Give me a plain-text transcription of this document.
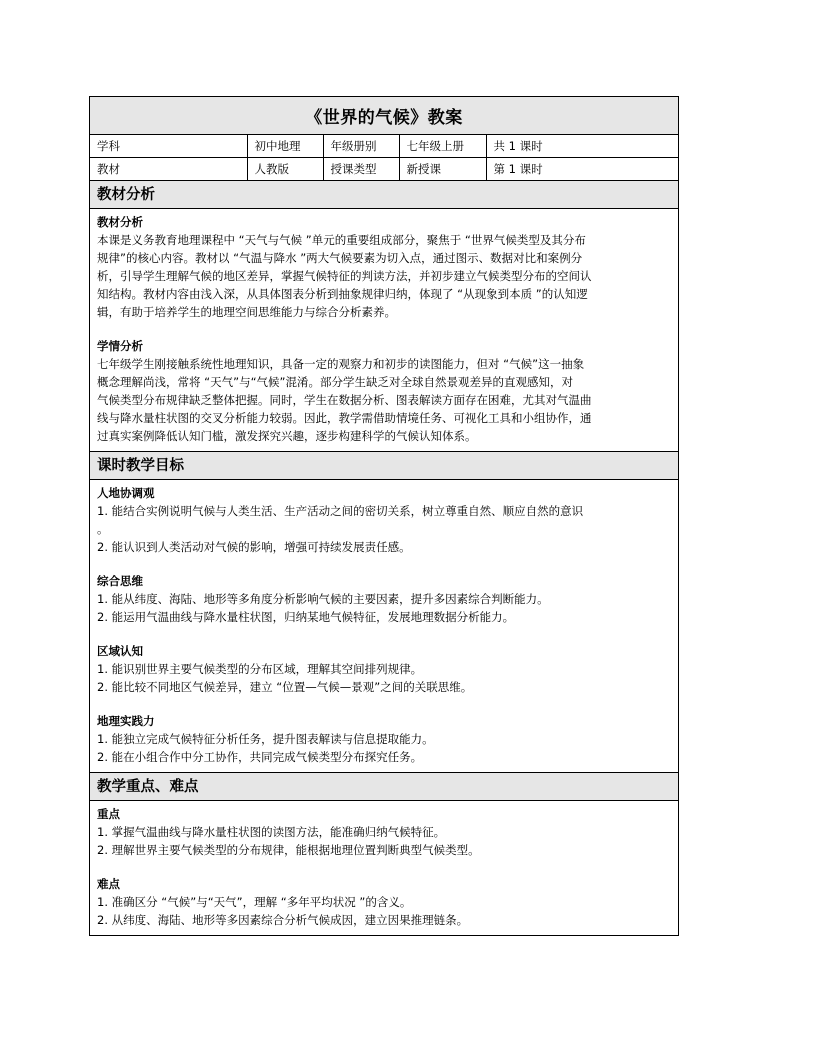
《世界的气候》教案
学科	初中地理	年级册别	七年级上册	共 1 课时
教材	人教版	授课类型	新授课	第 1 课时
教材分析
教材分析
本课是义务教育地理课程中 “天气与气候 ”单元的重要组成部分，聚焦于 “世界气候类型及其分布
规律”的核心内容。教材以 “气温与降水 ”两大气候要素为切入点，通过图示、数据对比和案例分
析，引导学生理解气候的地区差异，掌握气候特征的判读方法，并初步建立气候类型分布的空间认
知结构。教材内容由浅入深，从具体图表分析到抽象规律归纳，体现了 “从现象到本质 ”的认知逻
辑，有助于培养学生的地理空间思维能力与综合分析素养。
学情分析
七年级学生刚接触系统性地理知识，具备一定的观察力和初步的读图能力，但对 “气候”这一抽象
概念理解尚浅，常将 “天气”与“气候”混淆。部分学生缺乏对全球自然景观差异的直观感知，对
气候类型分布规律缺乏整体把握。同时，学生在数据分析、图表解读方面存在困难，尤其对气温曲
线与降水量柱状图的交叉分析能力较弱。因此，教学需借助情境任务、可视化工具和小组协作，通
过真实案例降低认知门槛，激发探究兴趣，逐步构建科学的气候认知体系。
课时教学目标
人地协调观
1. 能结合实例说明气候与人类生活、生产活动之间的密切关系，树立尊重自然、顺应自然的意识
。
2. 能认识到人类活动对气候的影响，增强可持续发展责任感。
综合思维
1. 能从纬度、海陆、地形等多角度分析影响气候的主要因素，提升多因素综合判断能力。
2. 能运用气温曲线与降水量柱状图，归纳某地气候特征，发展地理数据分析能力。
区域认知
1. 能识别世界主要气候类型的分布区域，理解其空间排列规律。
2. 能比较不同地区气候差异，建立 “位置—气候—景观”之间的关联思维。
地理实践力
1. 能独立完成气候特征分析任务，提升图表解读与信息提取能力。
2. 能在小组合作中分工协作，共同完成气候类型分布探究任务。
教学重点、难点
重点
1. 掌握气温曲线与降水量柱状图的读图方法，能准确归纳气候特征。
2. 理解世界主要气候类型的分布规律，能根据地理位置判断典型气候类型。
难点
1. 准确区分 “气候”与“天气”，理解 “多年平均状况 ”的含义。
2. 从纬度、海陆、地形等多因素综合分析气候成因，建立因果推理链条。
